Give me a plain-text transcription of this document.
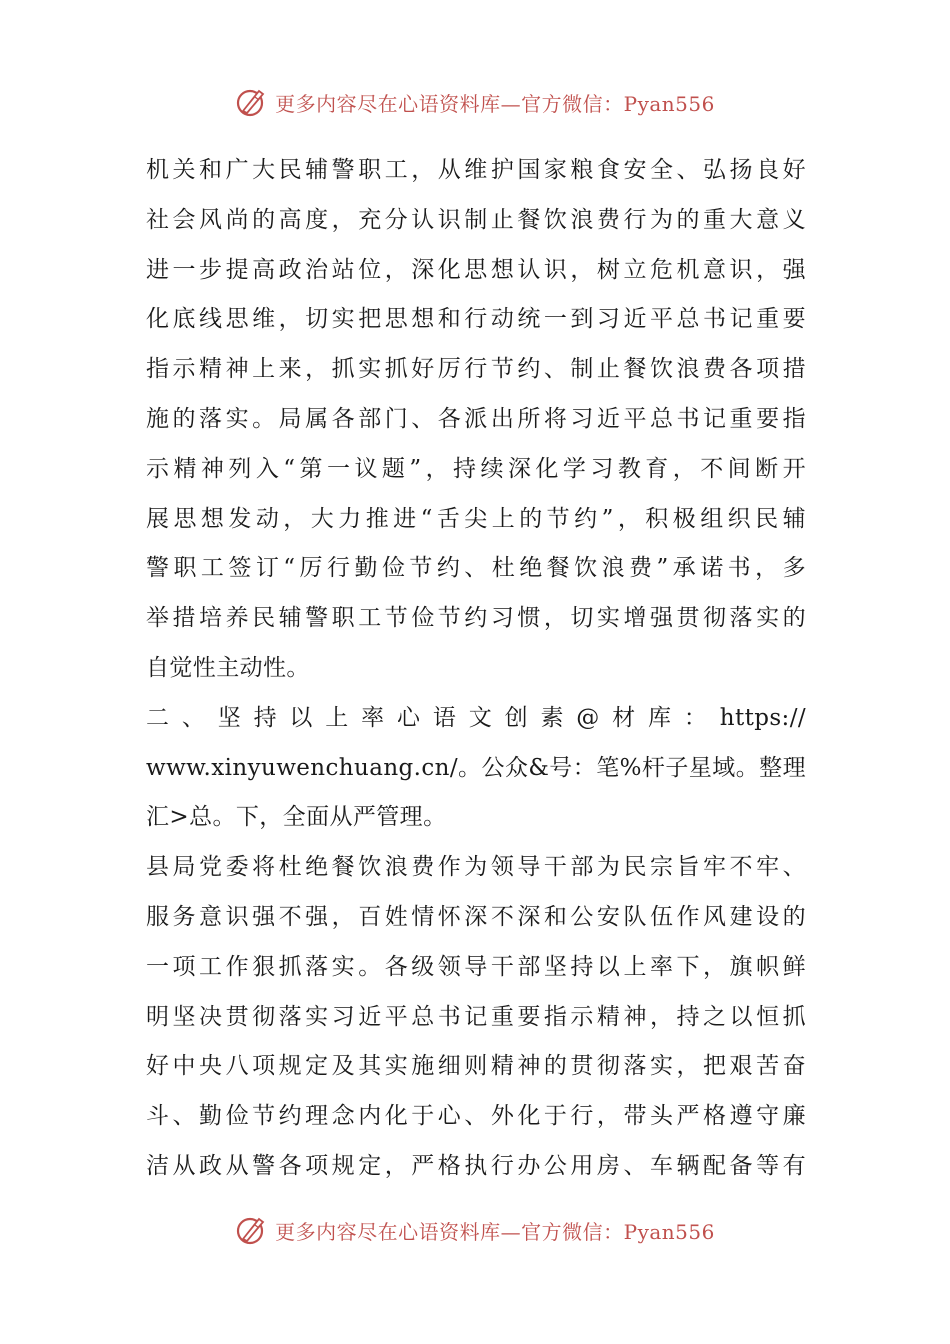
更多内容尽在心语资料库—官方微信：Pyan556
机关和广大民辅警职工，从维护国家粮食安全、弘扬良好
社会风尚的高度，充分认识制止餐饮浪费行为的重大意义
进一步提高政治站位，深化思想认识，树立危机意识，强
化底线思维，切实把思想和行动统一到习近平总书记重要
指示精神上来，抓实抓好厉行节约、制止餐饮浪费各项措
施的落实。局属各部门、各派出所将习近平总书记重要指
示精神列入“第一议题”，持续深化学习教育，不间断开
展思想发动，大力推进“舌尖上的节约”，积极组织民辅
警职工签订“厉行勤俭节约、杜绝餐饮浪费”承诺书，多
举措培养民辅警职工节俭节约习惯，切实增强贯彻落实的
自觉性主动性。
二、坚持以上率心语文创素@材库：https://
www.xinyuwenchuang.cn/。公众&号：笔%杆子星域。整理
汇>总。下，全面从严管理。
县局党委将杜绝餐饮浪费作为领导干部为民宗旨牢不牢、
服务意识强不强，百姓情怀深不深和公安队伍作风建设的
一项工作狠抓落实。各级领导干部坚持以上率下，旗帜鲜
明坚决贯彻落实习近平总书记重要指示精神，持之以恒抓
好中央八项规定及其实施细则精神的贯彻落实，把艰苦奋
斗、勤俭节约理念内化于心、外化于行，带头严格遵守廉
洁从政从警各项规定，严格执行办公用房、车辆配备等有
更多内容尽在心语资料库—官方微信：Pyan556
